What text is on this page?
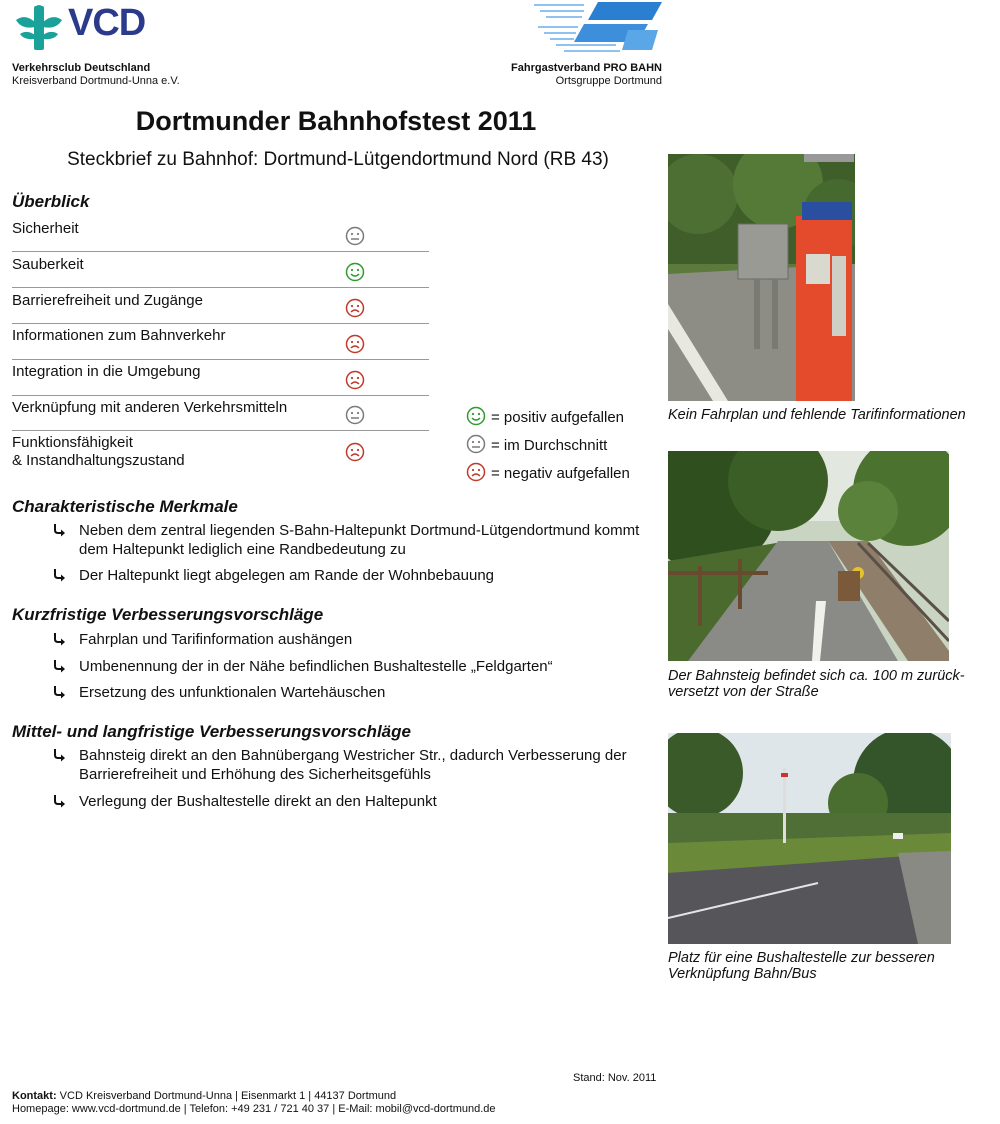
VCD
Verkehrsclub Deutschland
Kreisverband Dortmund-Unna e.V.
Fahrgastverband PRO BAHN
Ortsgruppe Dortmund
Dortmunder Bahnhofstest 2011
Steckbrief zu Bahnhof: Dortmund-Lütgendortmund Nord (RB 43)
Überblick
Sicherheit
Sauberkeit
Barrierefreiheit und Zugänge
Informationen zum Bahnverkehr
Integration in die Umgebung
Verknüpfung mit anderen Verkehrsmitteln
Funktionsfähigkeit
& Instandhaltungszustand
= positiv aufgefallen
= im Durchschnitt
= negativ aufgefallen
Charakteristische Merkmale
Neben dem zentral liegenden S-Bahn-Haltepunkt Dortmund-Lütgendortmund kommt dem Haltepunkt lediglich eine Randbedeutung zu
Der Haltepunkt liegt abgelegen am Rande der Wohnbebauung
Kurzfristige Verbesserungsvorschläge
Fahrplan und Tarifinformation aushängen
Umbenennung der in der Nähe befindlichen Bushaltestelle „Feldgarten“
Ersetzung des unfunktionalen Wartehäuschen
Mittel- und langfristige Verbesserungsvorschläge
Bahnsteig direkt an den Bahnübergang Westricher Str., dadurch Verbesserung der Barrierefreiheit und Erhöhung des Sicherheitsgefühls
Verlegung der Bushaltestelle direkt an den Haltepunkt
Kein Fahrplan und fehlende Tarifinformationen
Der Bahnsteig befindet sich ca. 100 m zurück-versetzt von der Straße
Platz für eine Bushaltestelle zur besseren Verknüpfung Bahn/Bus
Stand: Nov. 2011
Kontakt: VCD Kreisverband Dortmund-Unna | Eisenmarkt 1 | 44137 Dortmund
Homepage: www.vcd-dortmund.de | Telefon: +49 231 / 721 40 37 | E-Mail: mobil@vcd-dortmund.de
